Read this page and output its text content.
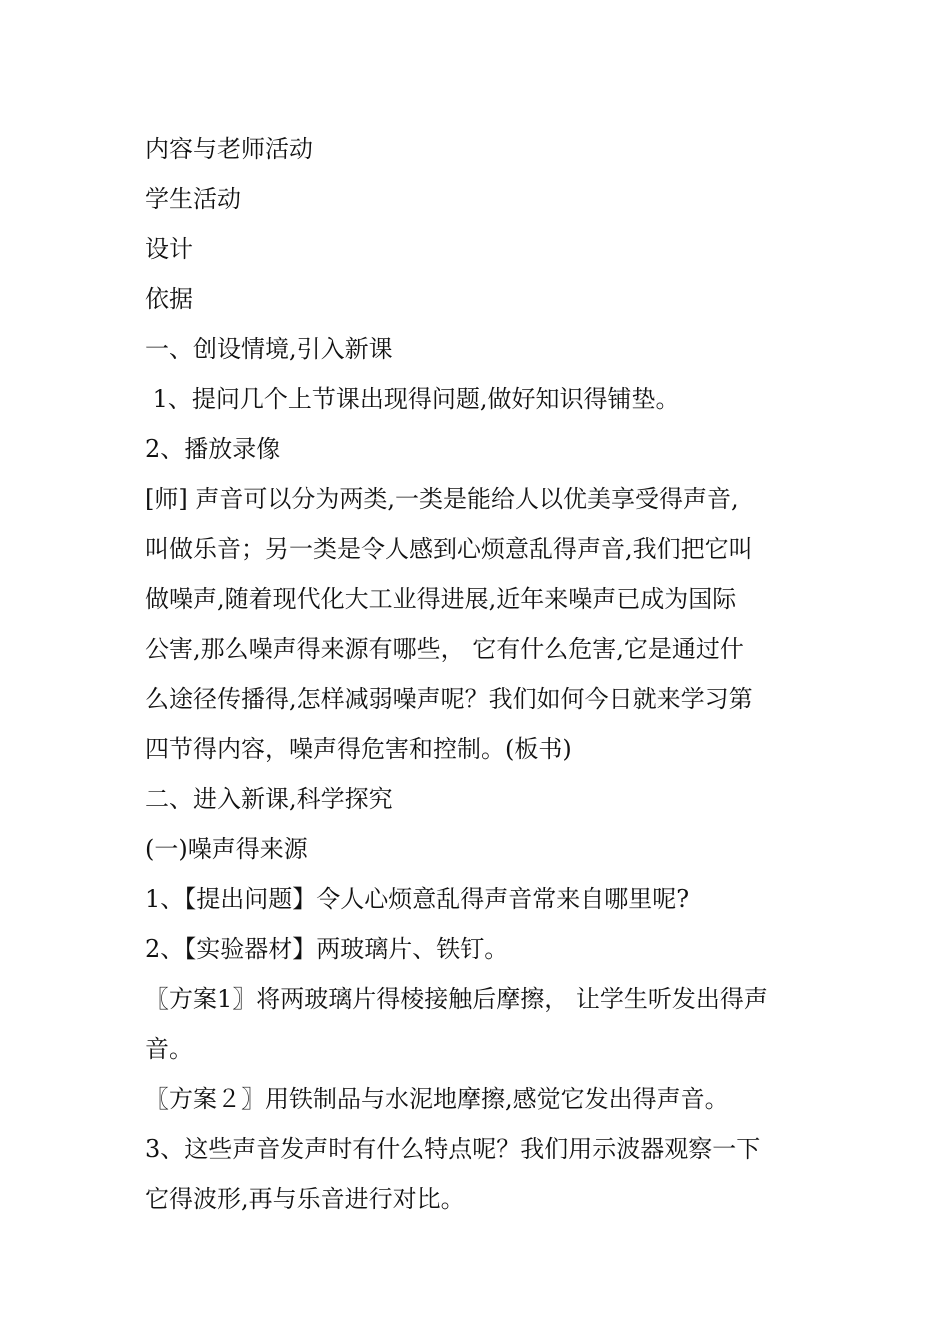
内容与老师活动
学生活动
设计
依据
一、创设情境,引入新课
1、提问几个上节课出现得问题,做好知识得铺垫。
2、播放录像
[师] 声音可以分为两类,一类是能给人以优美享受得声音,
叫做乐音；另一类是令人感到心烦意乱得声音,我们把它叫
做噪声,随着现代化大工业得进展,近年来噪声已成为国际
公害,那么噪声得来源有哪些， 它有什么危害,它是通过什
么途径传播得,怎样减弱噪声呢？我们如何今日就来学习第
四节得内容，噪声得危害和控制。(板书)
二、进入新课,科学探究
(一)噪声得来源
1、【提出问题】令人心烦意乱得声音常来自哪里呢?
2、【实验器材】两玻璃片、铁钉。
〖方案1〗将两玻璃片得棱接触后摩擦， 让学生听发出得声
音。
〖方案２〗用铁制品与水泥地摩擦,感觉它发出得声音。
3、这些声音发声时有什么特点呢？我们用示波器观察一下
它得波形,再与乐音进行对比。
